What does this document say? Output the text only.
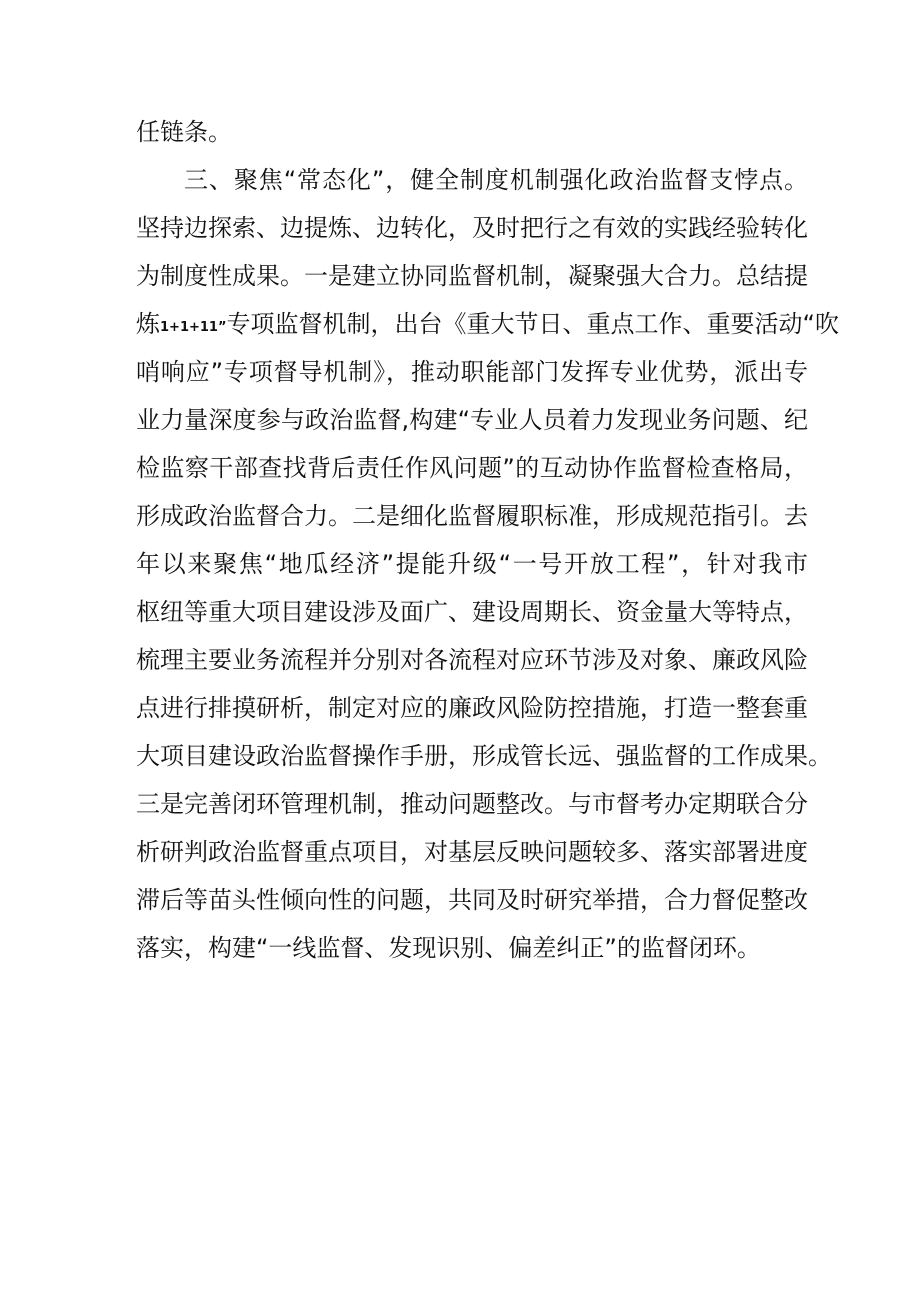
任链条。
三、聚焦“常态化”，健全制度机制强化政治监督支悖点。
坚持边探索、边提炼、边转化，及时把行之有效的实践经验转化
为制度性成果。一是建立协同监督机制，凝聚强大合力。总结提
炼1+1+11”专项监督机制，出台《重大节日、重点工作、重要活动“吹
哨响应”专项督导机制》，推动职能部门发挥专业优势，派出专
业力量深度参与政治监督,构建“专业人员着力发现业务问题、纪
检监察干部查找背后责任作风问题”的互动协作监督检查格局，
形成政治监督合力。二是细化监督履职标准，形成规范指引。去
年以来聚焦“地瓜经济”提能升级“一号开放工程”，针对我市
枢纽等重大项目建设涉及面广、建设周期长、资金量大等特点，
梳理主要业务流程并分别对各流程对应环节涉及对象、廉政风险
点进行排摸研析，制定对应的廉政风险防控措施，打造一整套重
大项目建设政治监督操作手册，形成管长远、强监督的工作成果。
三是完善闭环管理机制，推动问题整改。与市督考办定期联合分
析研判政治监督重点项目，对基层反映问题较多、落实部署进度
滞后等苗头性倾向性的问题，共同及时研究举措，合力督促整改
落实，构建“一线监督、发现识别、偏差纠正”的监督闭环。
